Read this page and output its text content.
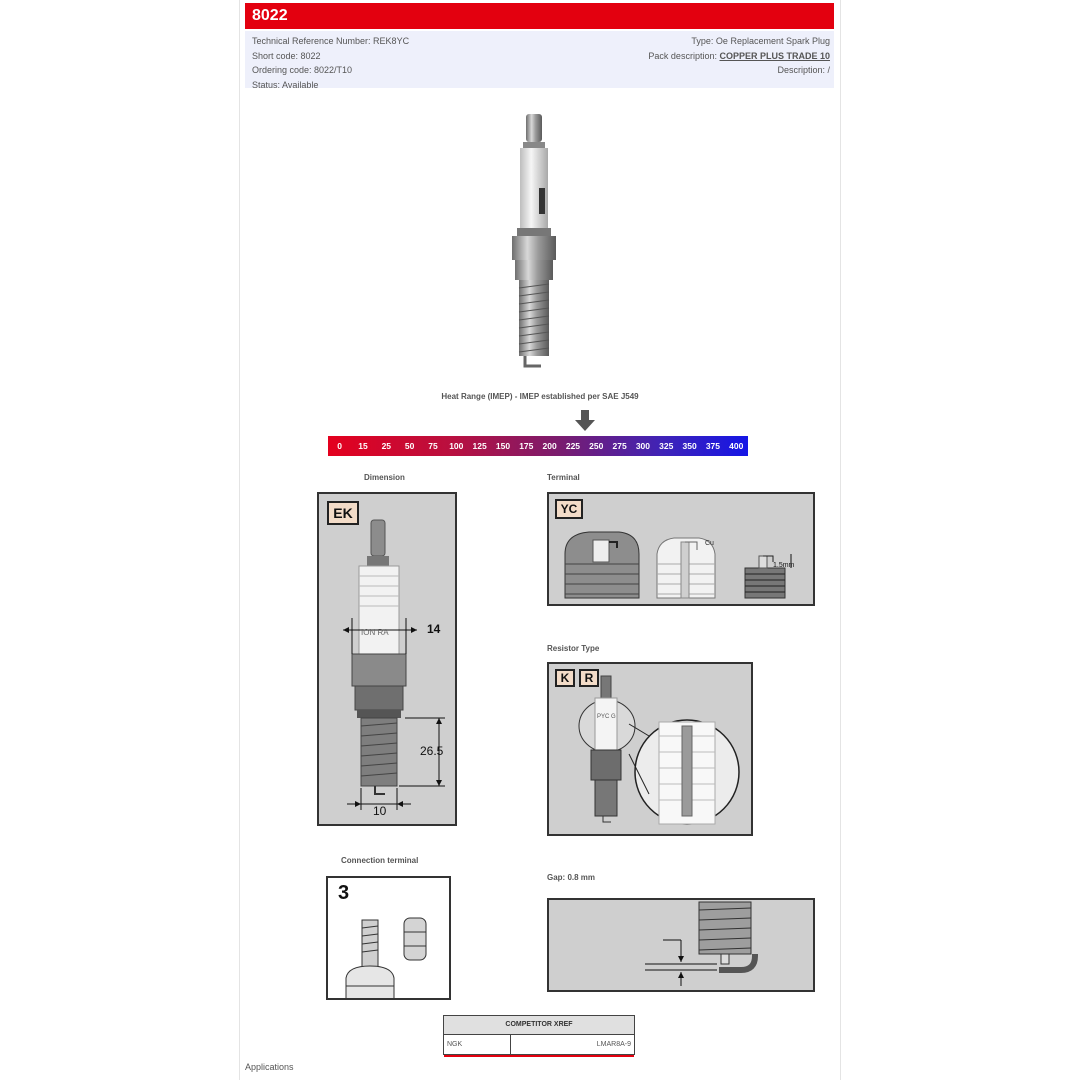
8022
Technical Reference Number: REK8YC
Short code: 8022
Ordering code: 8022/T10
Status: Available
Type: Oe Replacement Spark Plug
Pack description: COPPER PLUS TRADE 10
Description: /
Heat Range (IMEP) - IMEP established per SAE J549
0	15	25	50	75	100	125	150	175	200	225	250	275	300	325	350	375	400
Dimension
EK
ION RA	14
26.5
10
Terminal
YC
Cu
1.5mm
Resistor Type
K	R
PYC G
Connection terminal
3
Gap: 0.8 mm
COMPETITOR XREF
NGK	LMAR8A-9
Applications
